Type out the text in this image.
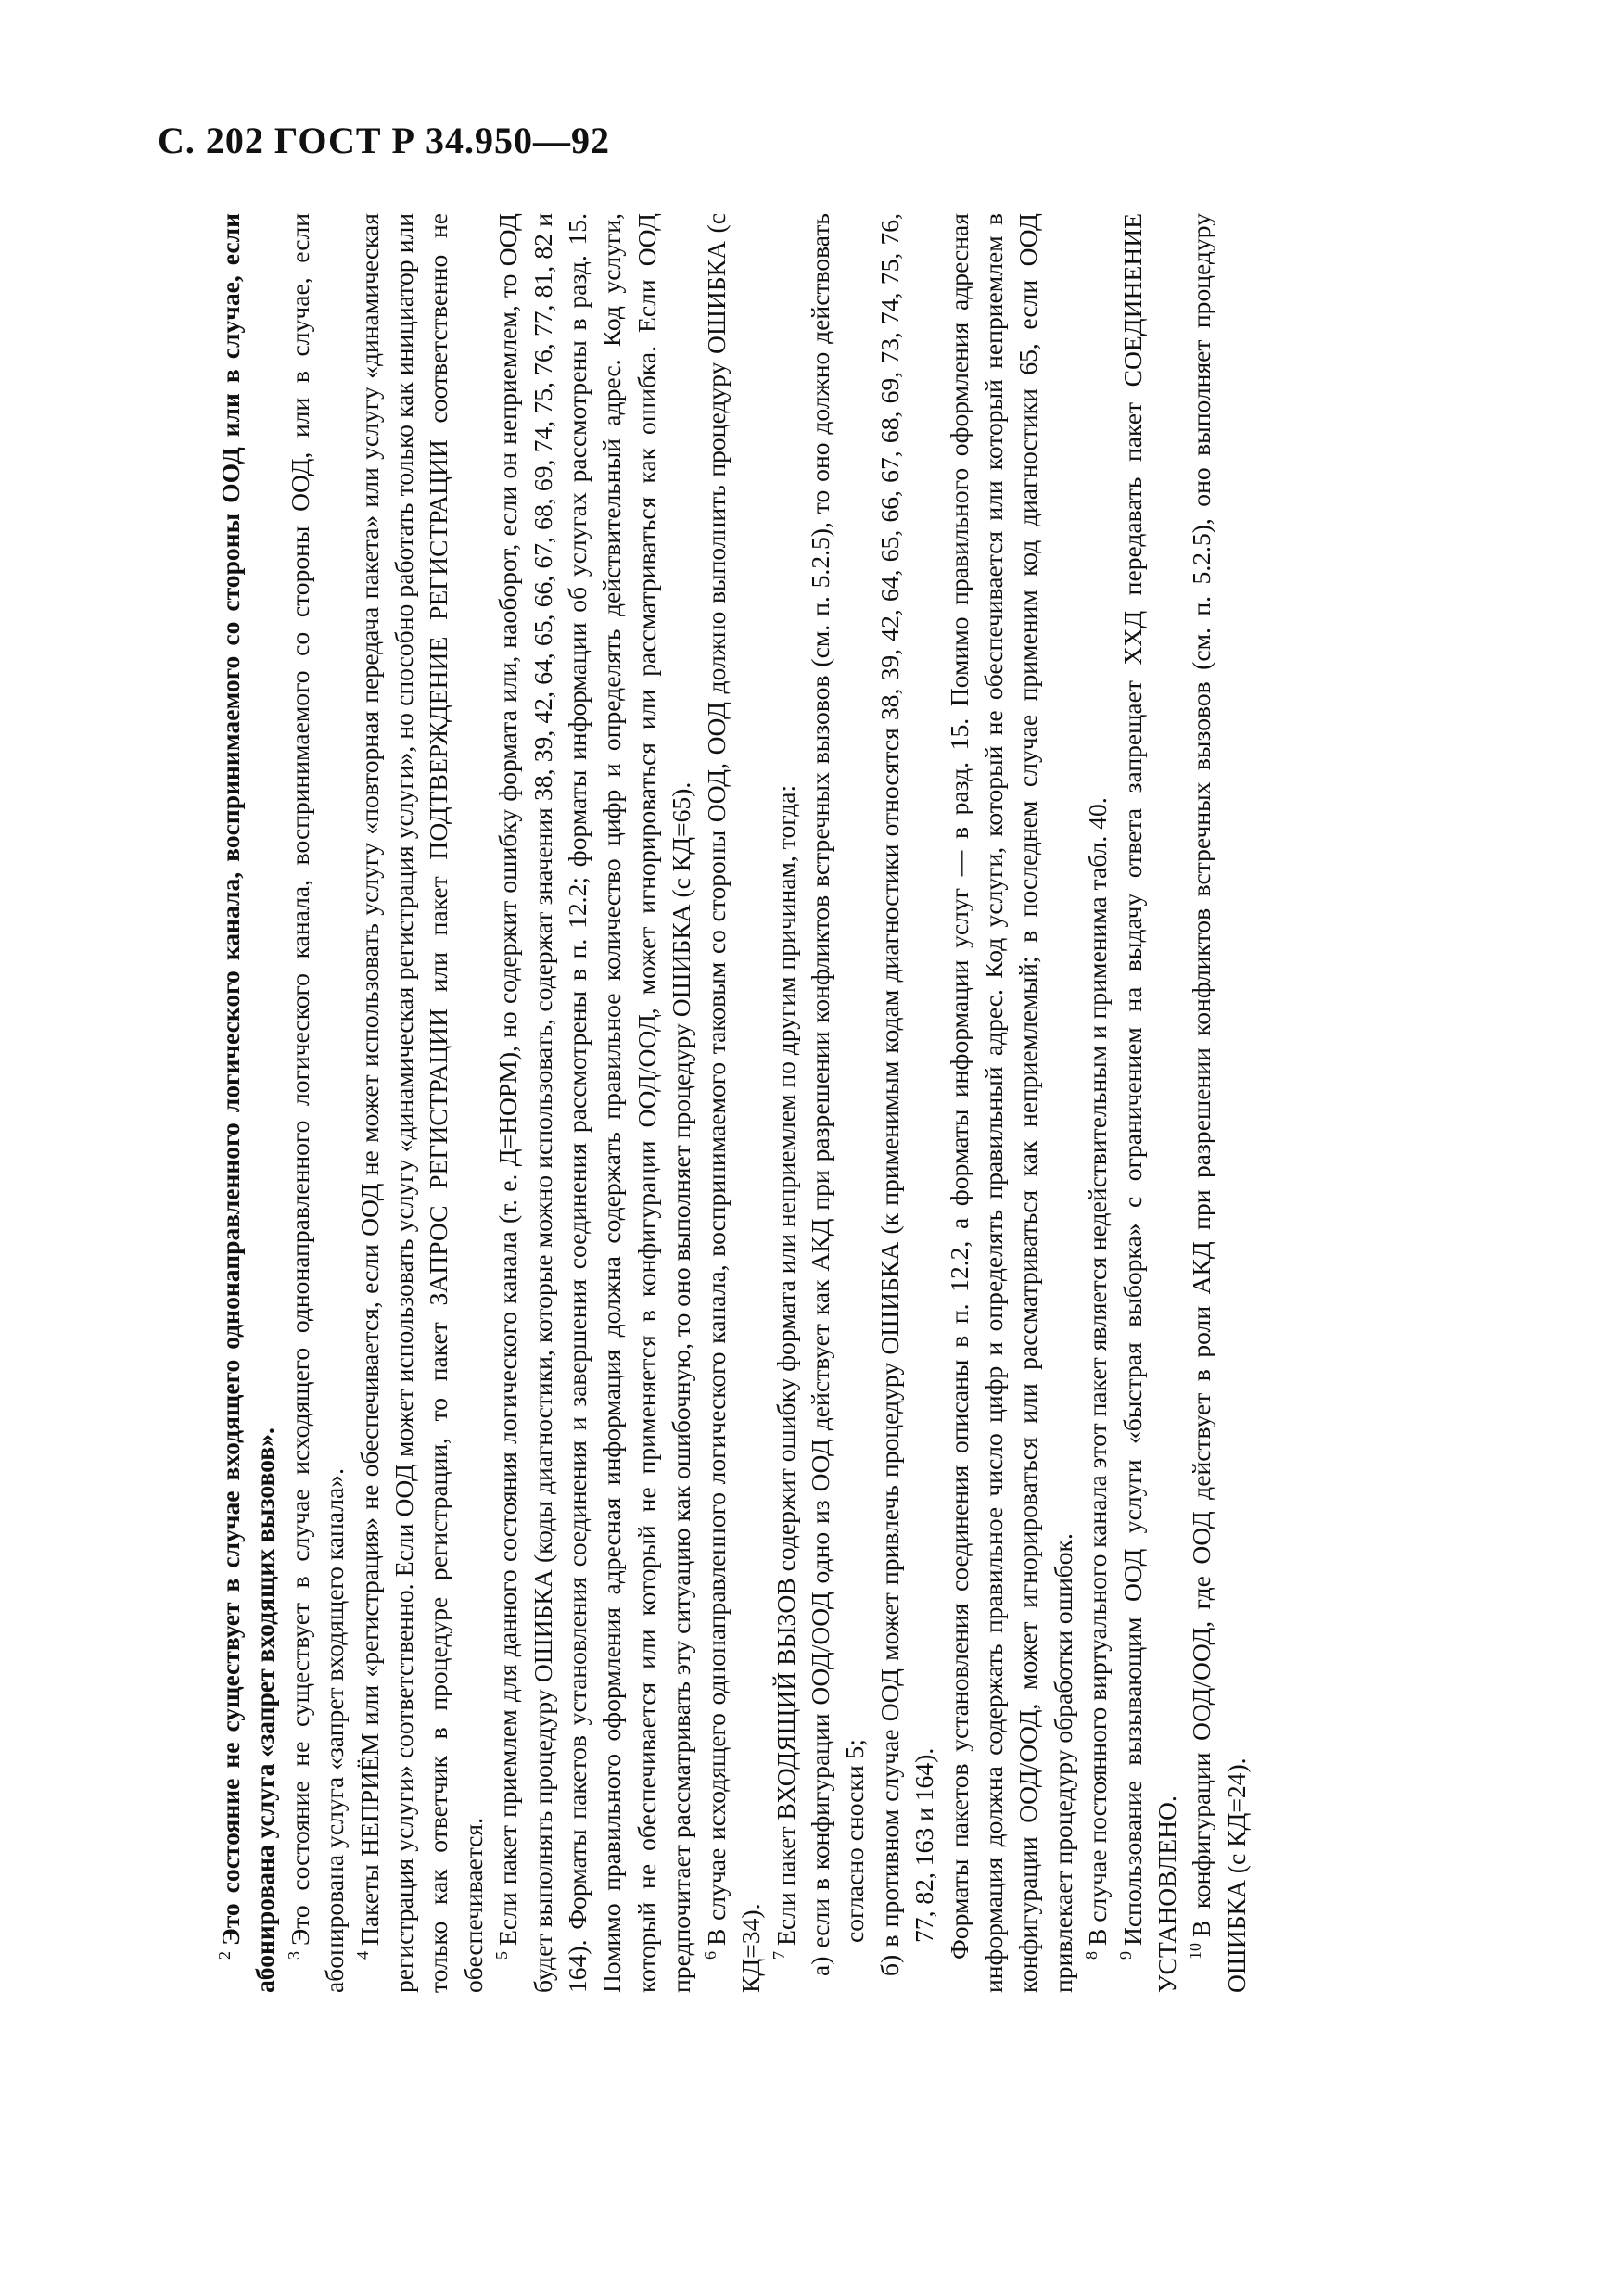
С. 202 ГОСТ Р 34.950—92

$^2$Это состояние не существует в случае входящего однонаправленного логического канала, воспринимаемого со стороны ООД или в случае, если абонирована услуга «запрет входящих вызовов». $^3$Это состояние не существует в случае исходящего однонаправленного логического канала, воспринимаемого со стороны ООД, или в случае, если абонирована услуга «запрет входящего канала». $^4$Пакеты НЕПРИЁМ или «регистрация» не обеспечивается, если ООД не может использовать услугу «повторная передача пакета» или услугу «динамическая регистрация услуги» соответственно. Если ООД может использовать услугу «динамическая регистрация услуги», но способно работать только как инициатор или только как ответчик в процедуре регистрации, то пакет ЗАПРОС РЕГИСТРАЦИИ или пакет ПОДТВЕРЖДЕНИЕ РЕГИСТРАЦИИ соответственно не обеспечивается. $^5$Если пакет приемлем для данного состояния логического канала (т. е. Д=НОРМ), но содержит ошибку формата или, наоборот, если он неприемлем, то ООД будет выполнять процедуру ОШИБКА (коды диагностики, которые можно использовать, содержат значения 38, 39, 42, 64, 65, 66, 67, 68, 69, 74, 75, 76, 77, 81, 82 и 164). Форматы пакетов установления соединения и завершения соединения рассмотрены в п. 12.2; форматы информации об услугах рассмотрены в разд. 15. Помимо правильного оформления адресная информация должна содержать правильное количество цифр и определять действительный адрес. Код услуги, который не обеспечивается или который не применяется в конфигурации ООД/ООД, может игнорироваться или рассматриваться как ошибка. Если ООД предпочитает рассматривать эту ситуацию как ошибочную, то оно выполняет процедуру ОШИБКА (с КД=65). $^6$В случае исходящего однонаправленного логического канала, воспринимаемого таковым со стороны ООД, ООД должно выполнить процедуру ОШИБКА (с КД=34). $^7$Если пакет ВХОДЯЩИЙ ВЫЗОВ содержит ошибку формата или неприемлем по другим причинам, тогда: а) если в конфигурации ООД/ООД одно из ООД действует как АКД при разрешении конфликтов встречных вызовов (см. п. 5.2.5), то оно должно действовать согласно сноски 5; б) в противном случае ООД может привлечь процедуру ОШИБКА (к применимым кодам диагностики относятся 38, 39, 42, 64, 65, 66, 67, 68, 69, 73, 74, 75, 76, 77, 82, 163 и 164). Форматы пакетов установления соединения описаны в п. 12.2, а форматы информации услуг — в разд. 15. Помимо правильного оформления адресная информация должна содержать правильное число цифр и определять правильный адрес. Код услуги, который не обеспечивается или который неприемлем в конфигурации ООД/ООД, может игнорироваться или рассматриваться как неприемлемый; в последнем случае применим код диагностики 65, если ООД привлекает процедуру обработки ошибок. $^8$В случае постоянного виртуального канала этот пакет является недействительным и применима табл. 40.

$^9$Использование вызывающим ООД услуги «быстрая выборка» с ограничением на выдачу ответа запрещает ХХД передавать пакет СОЕДИНЕНИЕ УСТАНОВЛЕНО. $^{10}$В конфигурации ООД/ООД, где ООД действует в роли АКД при разрешении конфликтов встречных вызовов (см. п. 5.2.5), оно выполняет процедуру ОШИБКА (с КД=24).
